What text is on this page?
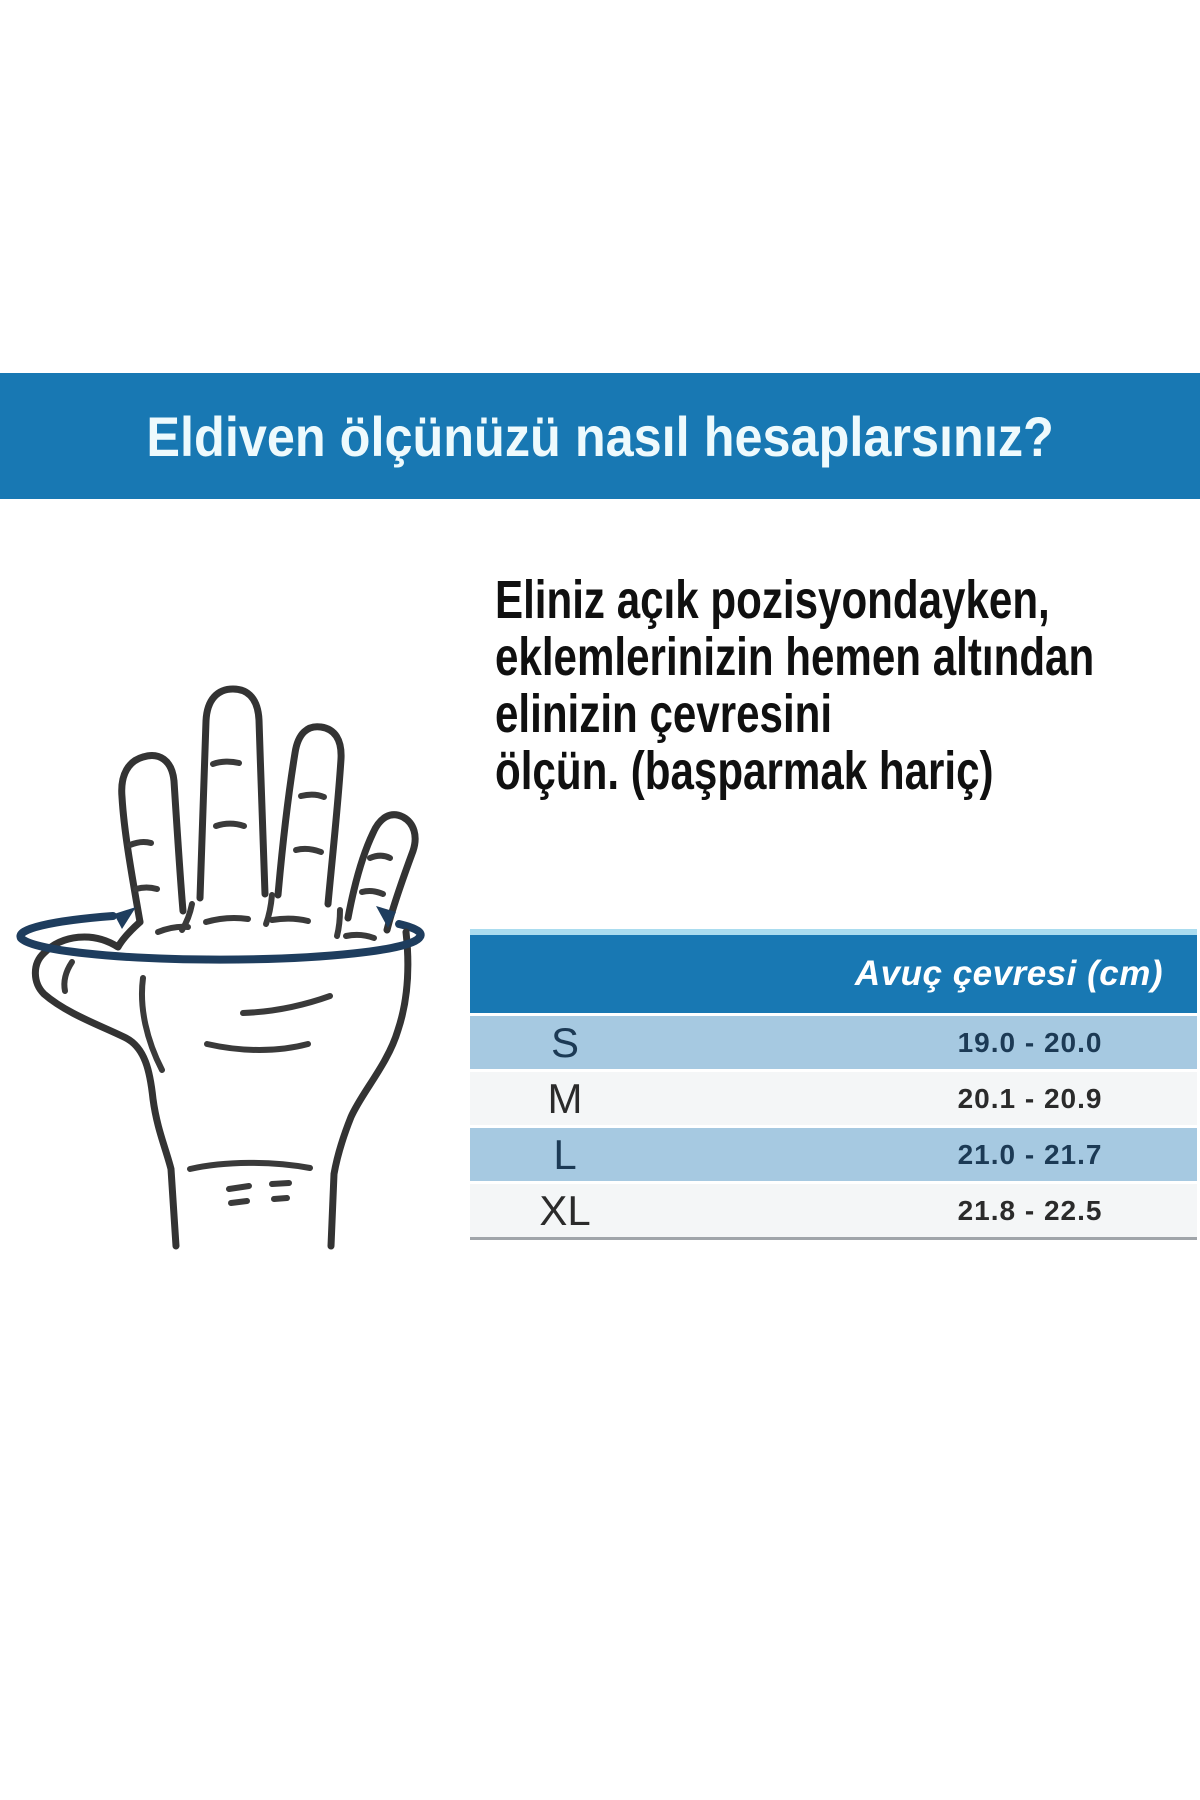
Eldiven ölçünüzü nasıl hesaplarsınız?
Eliniz açık pozisyondayken,
eklemlerinizin hemen altından
elinizin çevresini
ölçün. (başparmak hariç)
Avuç çevresi (cm)
S	19.0 - 20.0
M	20.1 - 20.9
L	21.0 - 21.7
XL	21.8 - 22.5
